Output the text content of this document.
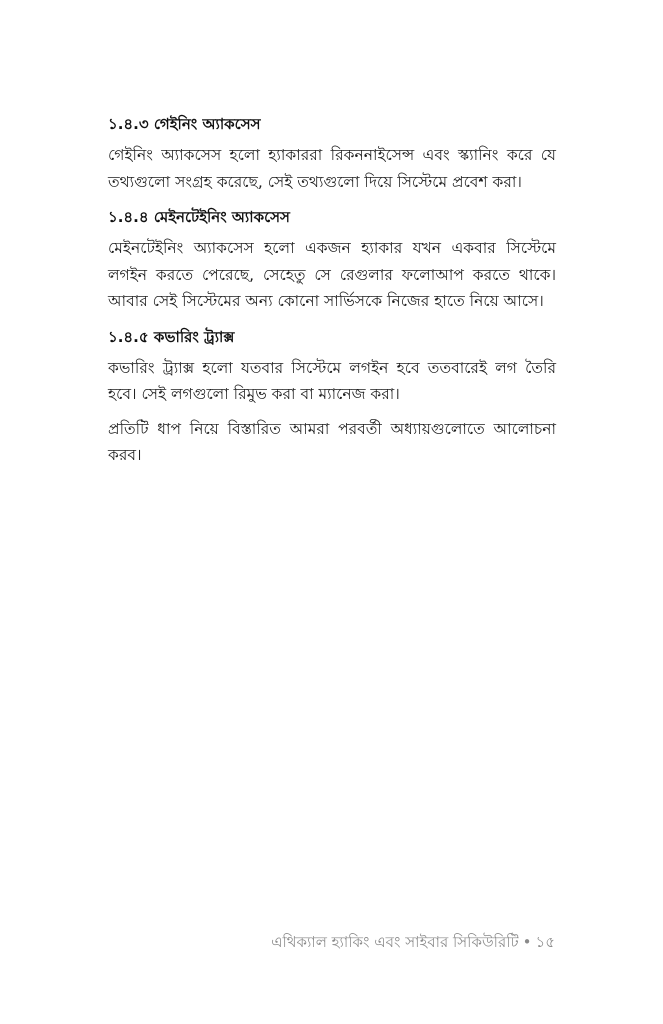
১.৪.৩ গেইনিং অ্যাকসেস

গেইনিং অ্যাকসেস হলো হ্যাকাররা রিকননাইসেন্স এবং স্ক্যানিং করে যে তথ্যগুলো সংগ্রহ করেছে, সেই তথ্যগুলো দিয়ে সিস্টেমে প্রবেশ করা।

১.৪.৪ মেইনটেইনিং অ্যাকসেস

মেইনটেইনিং অ্যাকসেস হলো একজন হ্যাকার যখন একবার সিস্টেমে লগইন করতে পেরেছে, সেহেতু সে রেগুলার ফলোআপ করতে থাকে। আবার সেই সিস্টেমের অন্য কোনো সার্ভিসকে নিজের হাতে নিয়ে আসে।

১.৪.৫ কভারিং ট্র্যাক্স

কভারিং ট্র্যাক্স হলো যতবার সিস্টেমে লগইন হবে ততবারেই লগ তৈরি হবে। সেই লগগুলো রিমুভ করা বা ম্যানেজ করা।

প্রতিটি ধাপ নিয়ে বিস্তারিত আমরা পরবর্তী অধ্যায়গুলোতে আলোচনা করব।

এথিক্যাল হ্যাকিং এবং সাইবার সিকিউরিটি • ১৫
